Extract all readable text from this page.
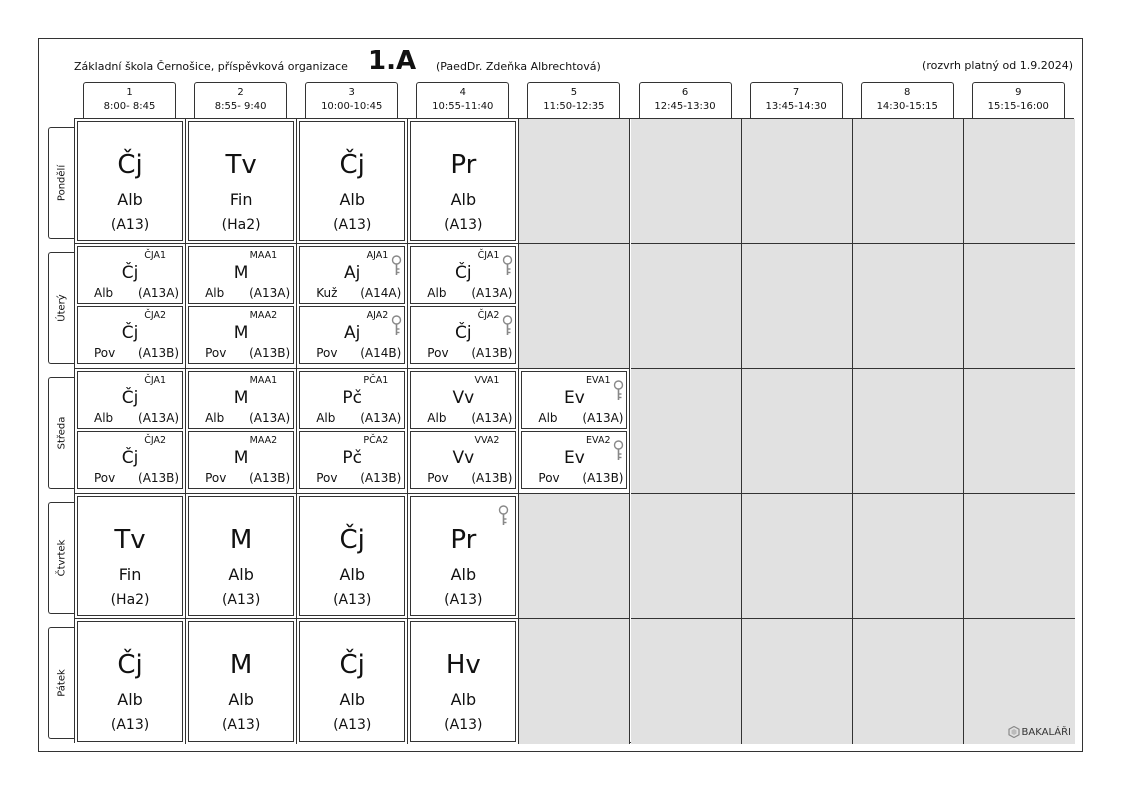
Základní škola Černošice, příspěvková organizace 1.A (PaedDr. Zdeňka Albrechtová)	(rozvrh platný od 1.9.2024)
1
8:00- 8:45
2
8:55- 9:40
3
10:00-10:45
4
10:55-11:40
5
11:50-12:35
6
12:45-13:30
7
13:45-14:30
8
14:30-15:15
9
15:15-16:00
Pondělí
Úterý
Středa
Čtvrtek
Pátek
Čj
Alb
(A13)
Tv
Fin
(Ha2)
Čj
Alb
(A13)
Pr
Alb
(A13)
ČJA1
Čj
Alb (A13A)
ČJA2
Čj
Pov (A13B)
MAA1
M
Alb (A13A)
MAA2
M
Pov (A13B)
AJA1
Aj
Kuž (A14A)
AJA2
Aj
Pov (A14B)
ČJA1
Čj
Alb (A13A)
ČJA2
Čj
Pov (A13B)
ČJA1
Čj
Alb (A13A)
ČJA2
Čj
Pov (A13B)
MAA1
M
Alb (A13A)
MAA2
M
Pov (A13B)
PČA1
Pč
Alb (A13A)
PČA2
Pč
Pov (A13B)
VVA1
Vv
Alb (A13A)
VVA2
Vv
Pov (A13B)
EVA1
Ev
Alb (A13A)
EVA2
Ev
Pov (A13B)
Tv
Fin
(Ha2)
M
Alb
(A13)
Čj
Alb
(A13)
Pr
Alb
(A13)
Čj
Alb
(A13)
M
Alb
(A13)
Čj
Alb
(A13)
Hv
Alb
(A13)	BAKALÁŘI
